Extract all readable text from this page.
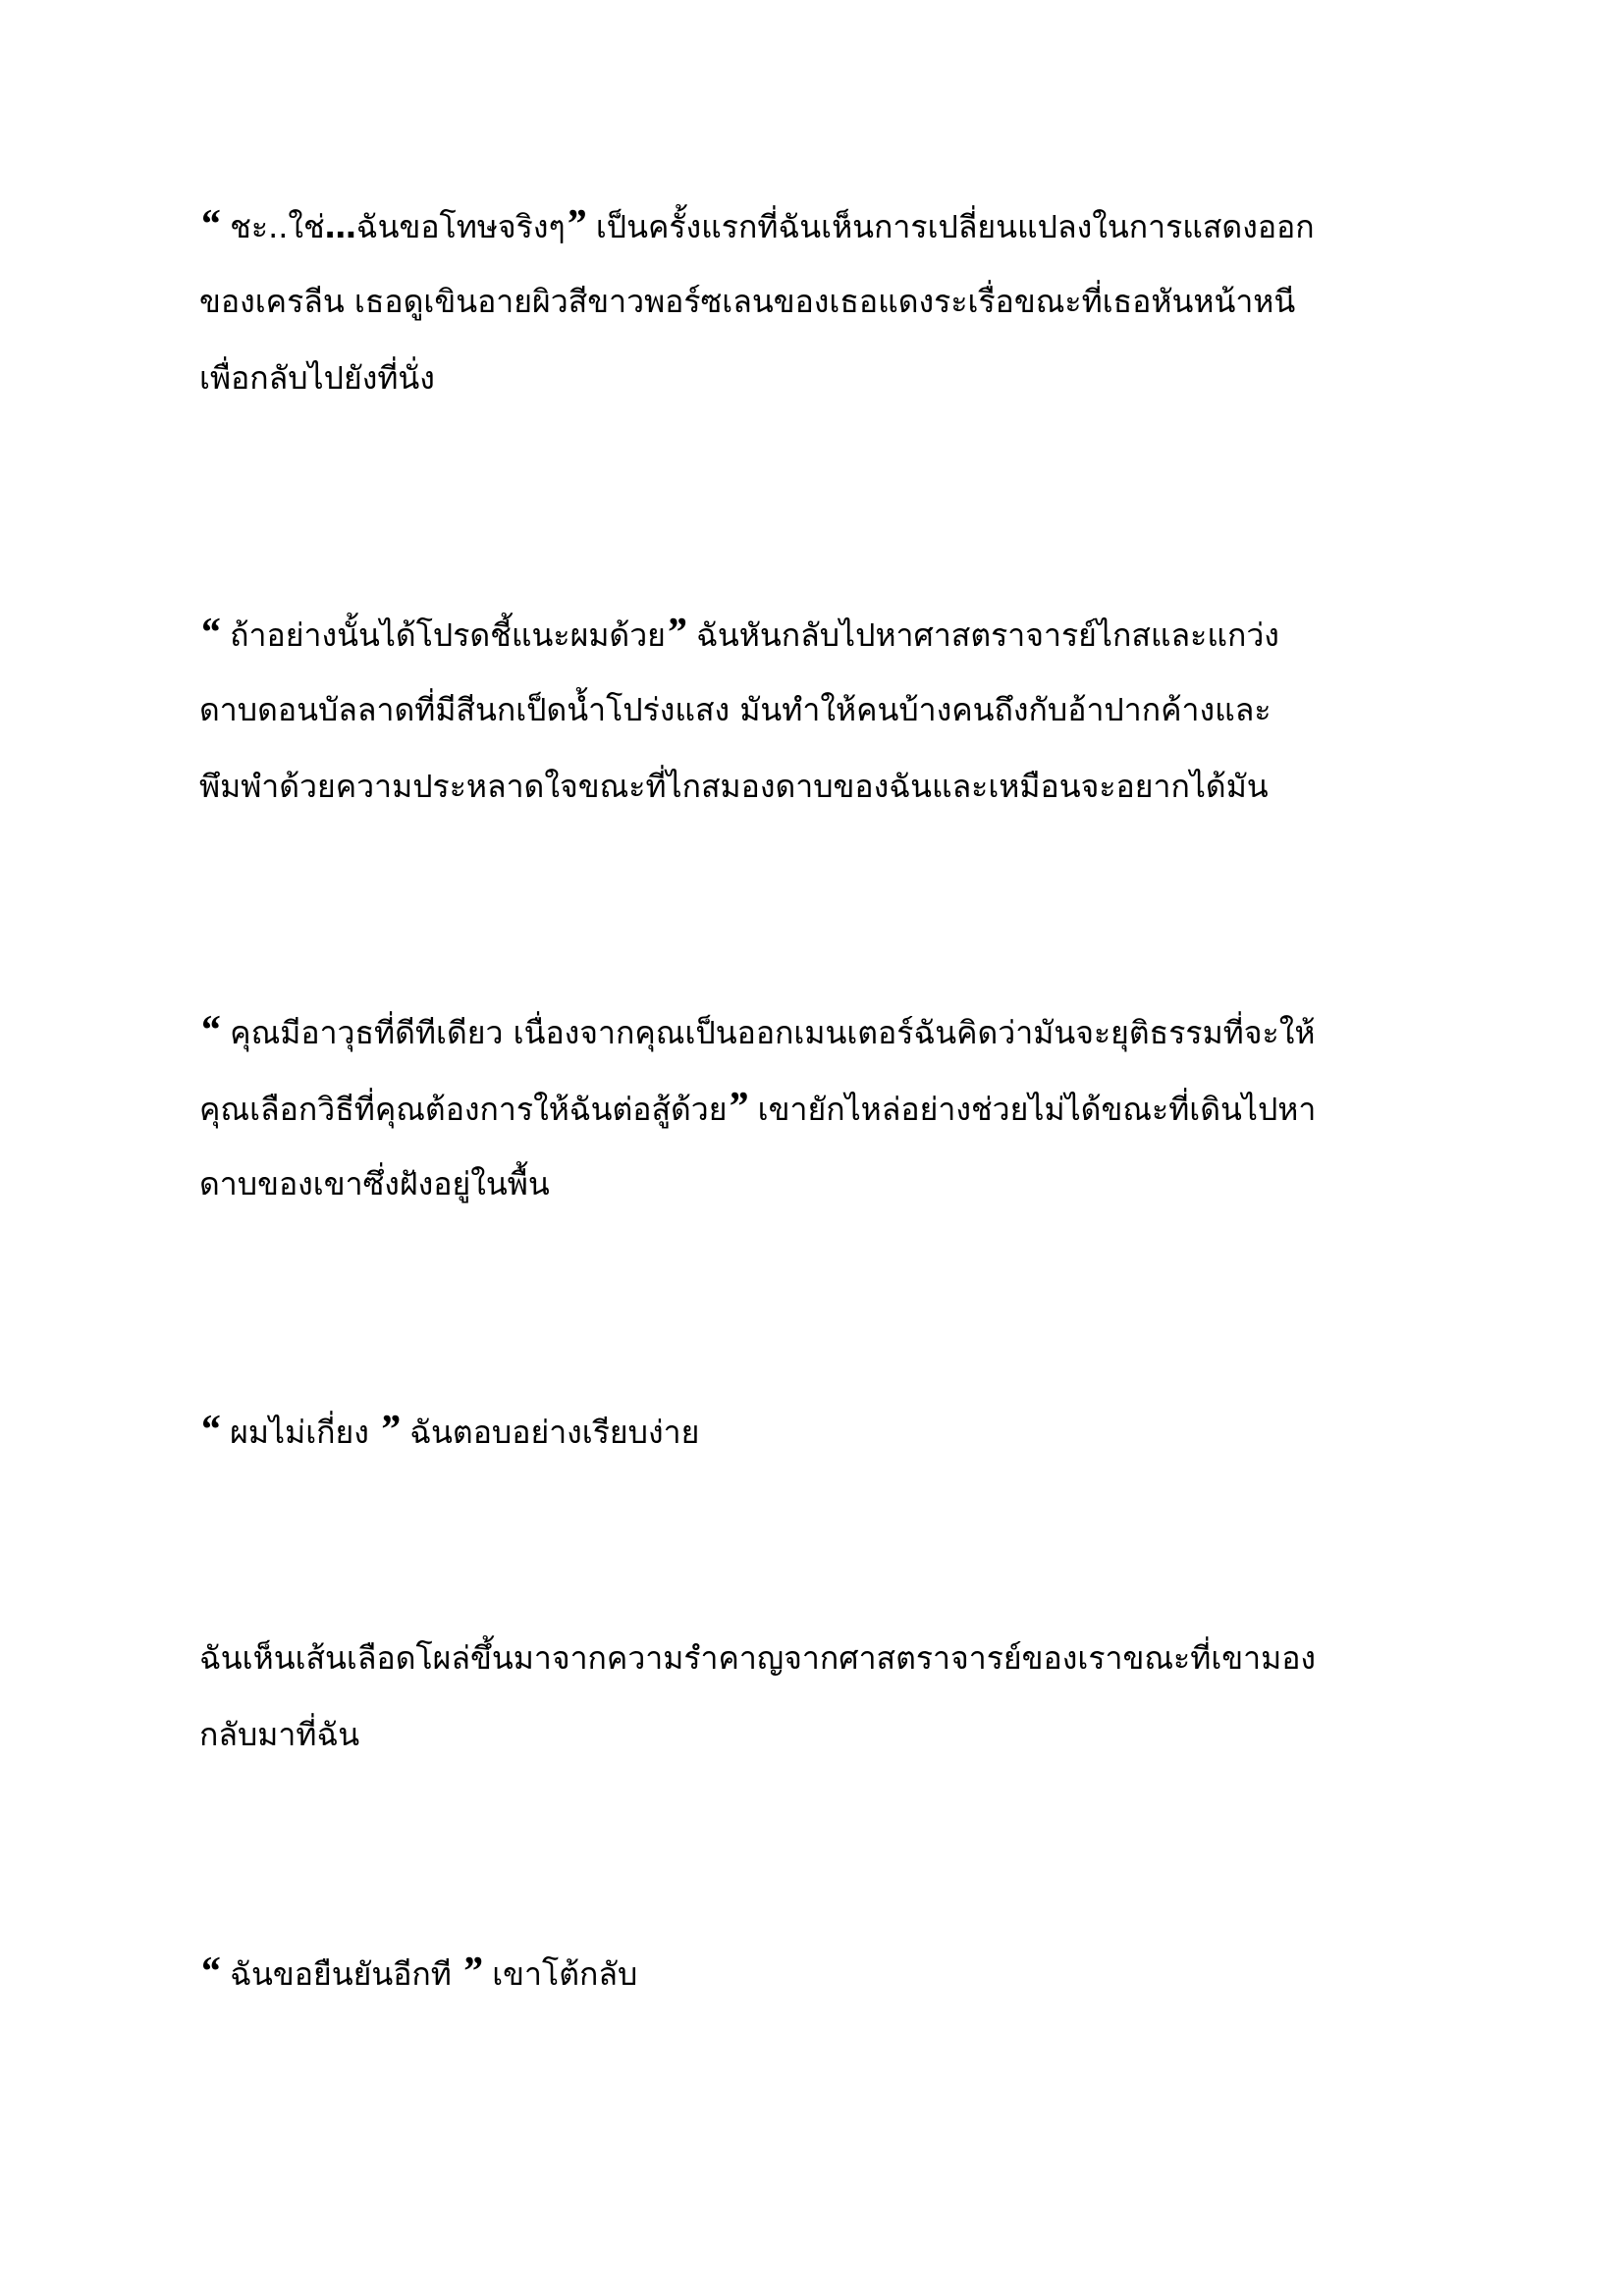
“ ชะ..ใช่…ฉันขอโทษจริงๆ” เป็นครั้งแรกที่ฉันเห็นการเปลี่ยนแปลงในการแสดงออก
ของเครลีน เธอดูเขินอายผิวสีขาวพอร์ซเลนของเธอแดงระเรื่อขณะที่เธอหันหน้าหนี
เพื่อกลับไปยังที่นั่ง

“ ถ้าอย่างนั้นได้โปรดชี้แนะผมด้วย” ฉันหันกลับไปหาศาสตราจารย์ไกสและแกว่ง
ดาบดอนบัลลาดที่มีสีนกเป็ดน้ำโปร่งแสง มันทำให้คนบ้างคนถึงกับอ้าปากค้างและ
พึมพำด้วยความประหลาดใจขณะที่ไกสมองดาบของฉันและเหมือนจะอยากได้มัน

“ คุณมีอาวุธที่ดีทีเดียว เนื่องจากคุณเป็นออกเมนเตอร์ฉันคิดว่ามันจะยุติธรรมที่จะให้
คุณเลือกวิธีที่คุณต้องการให้ฉันต่อสู้ด้วย” เขายักไหล่อย่างช่วยไม่ได้ขณะที่เดินไปหา
ดาบของเขาซึ่งฝังอยู่ในพื้น

“ ผมไม่เกี่ยง ” ฉันตอบอย่างเรียบง่าย

ฉันเห็นเส้นเลือดโผล่ขึ้นมาจากความรำคาญจากศาสตราจารย์ของเราขณะที่เขามอง
กลับมาที่ฉัน

“ ฉันขอยืนยันอีกที ” เขาโต้กลับ
